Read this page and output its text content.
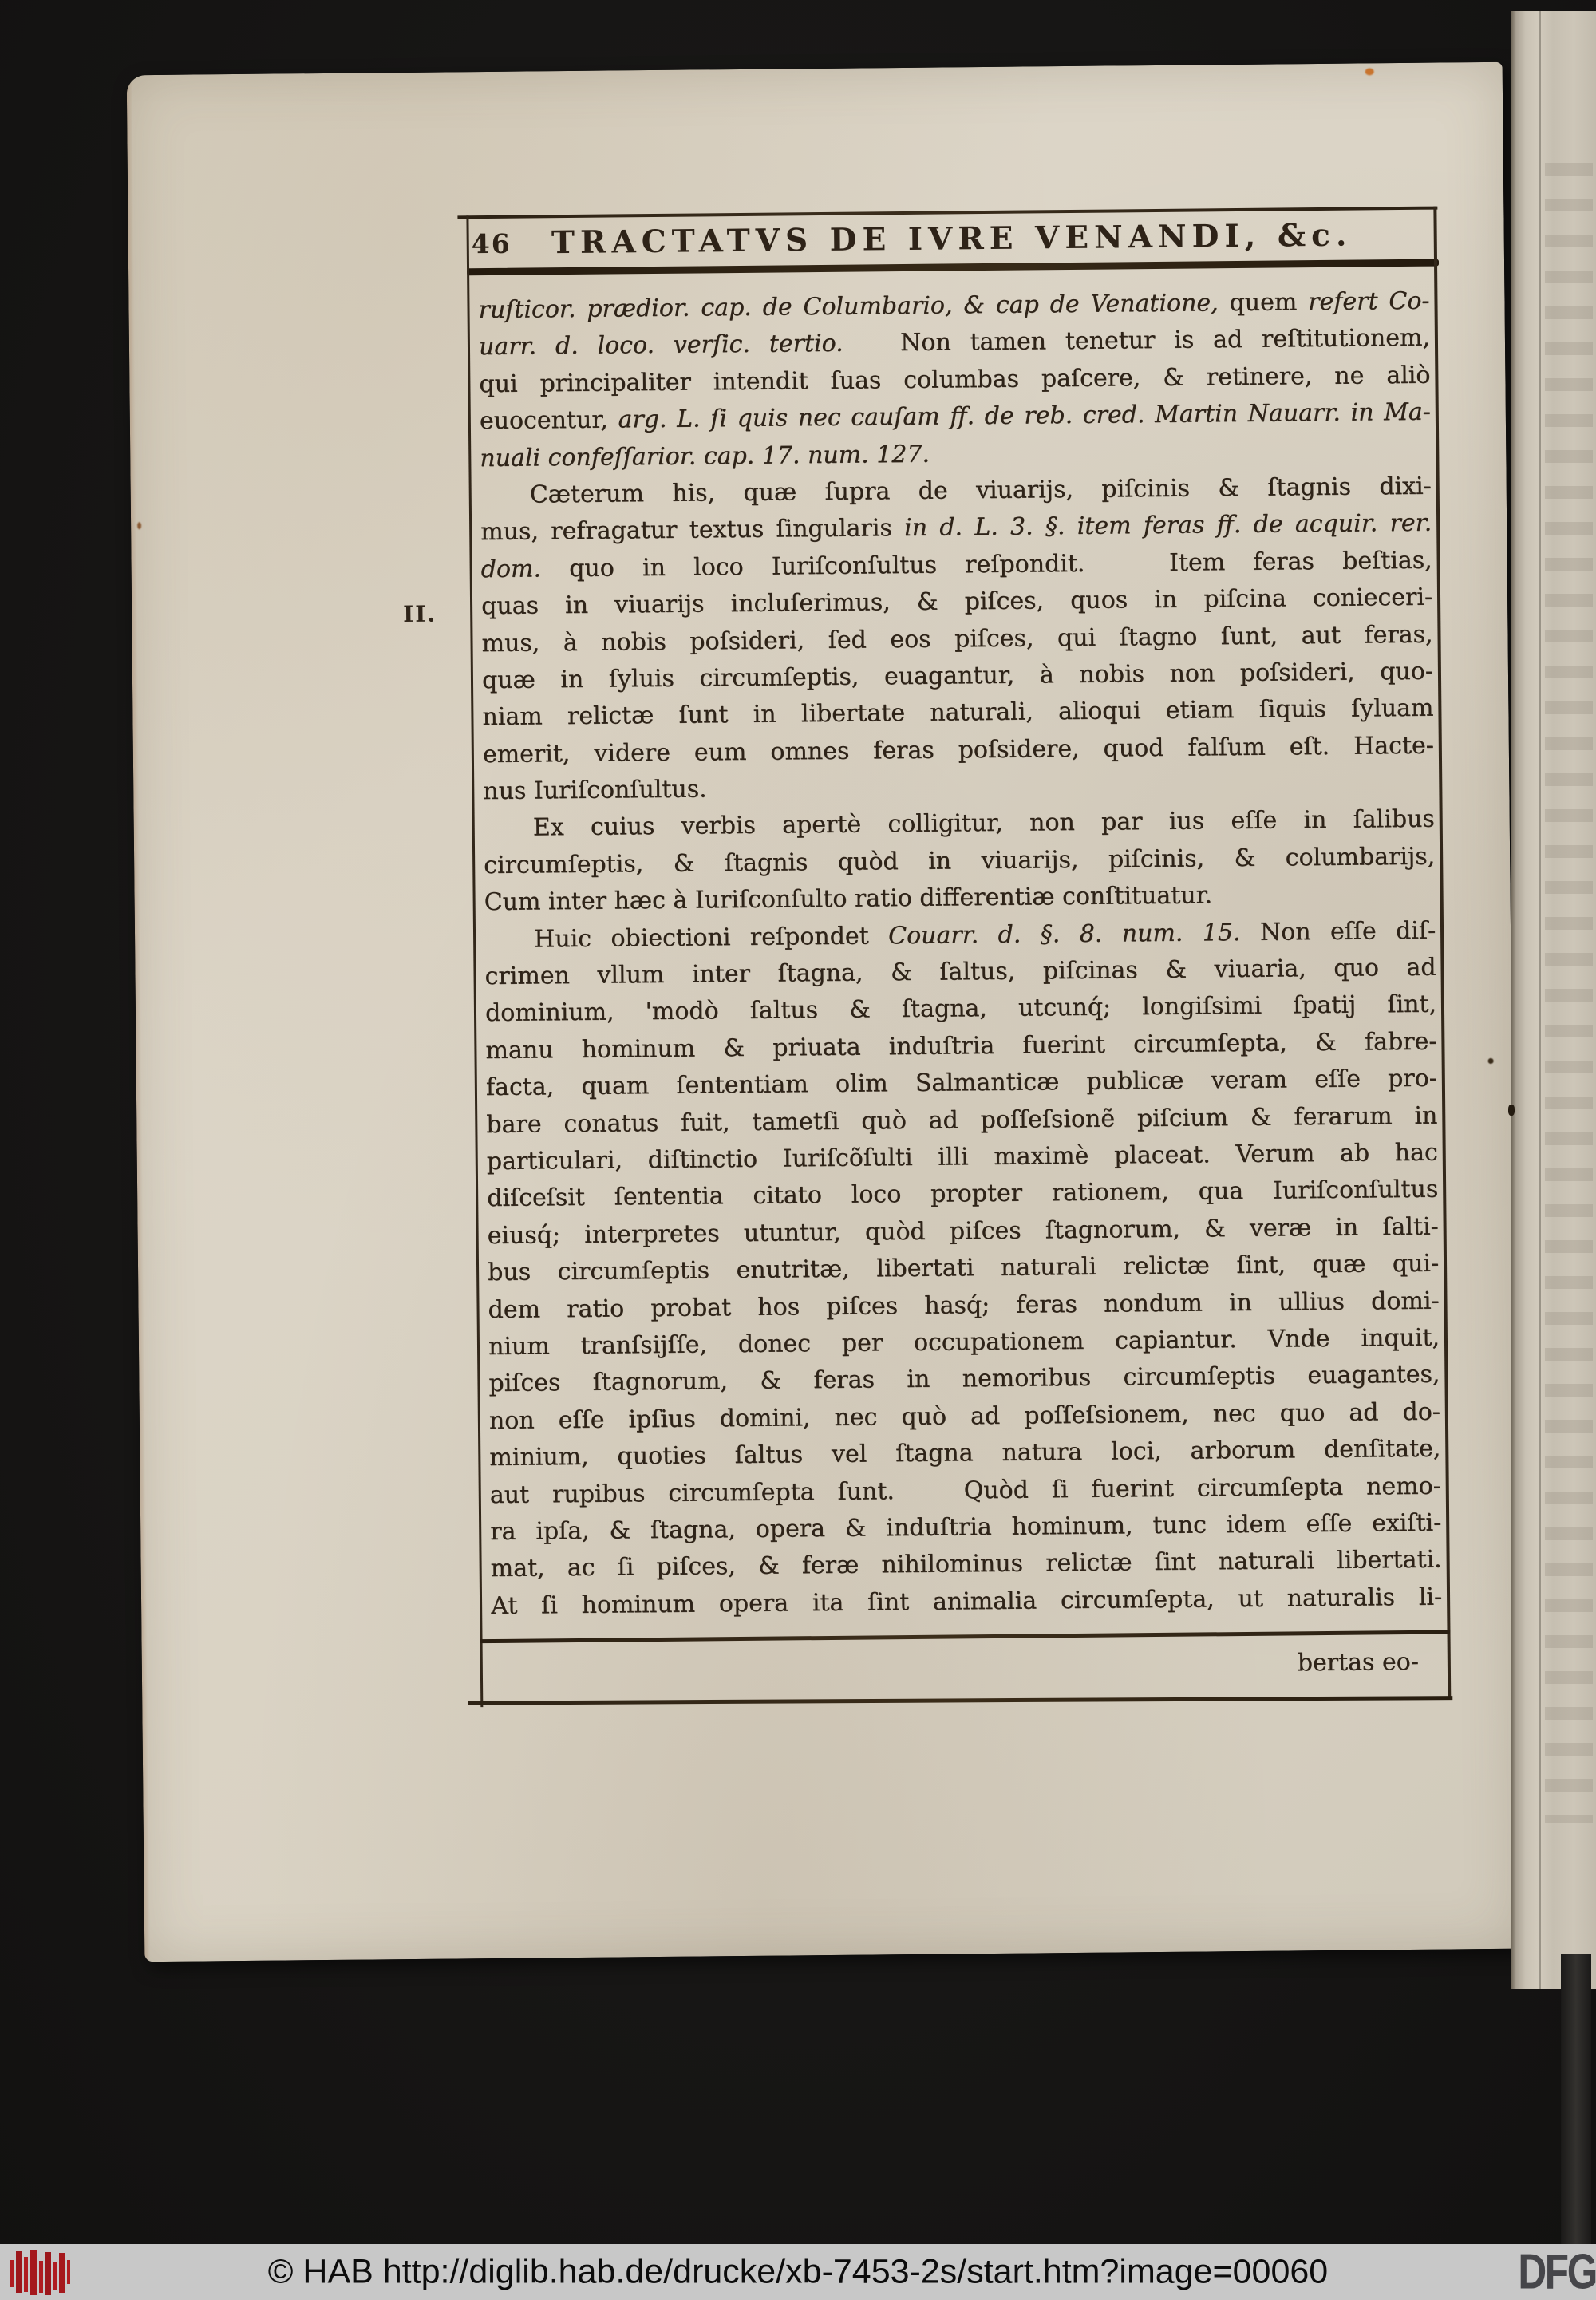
46	TRACTATVS DE IVRE VENANDI, &c.
II.
ruſticor. prædior. cap. de Columbario, & cap de Venatione, quem refert Co-
uarr. d. loco. verſic. tertio.   Non tamen tenetur is ad reſtitutionem,
qui principaliter intendit ſuas columbas paſcere, & retinere, ne aliò
euocentur, arg. L. ſi quis nec cauſam ff. de reb. cred. Martin Nauarr. in Ma-
nuali confeſſarior. cap. 17. num. 127.
Cæterum his, quæ ſupra de viuarijs, piſcinis & ſtagnis dixi-
mus, refragatur textus ſingularis in d. L. 3. §. item feras ff. de acquir. rer.
dom. quo in loco Iuriſconſultus reſpondit.   Item feras beſtias,
quas in viuarijs incluſerimus, & piſces, quos in piſcina conieceri-
mus, à nobis poſsideri, ſed eos piſces, qui ſtagno ſunt, aut feras,
quæ in ſyluis circumſeptis, euagantur, à nobis non poſsideri, quo-
niam relictæ ſunt in libertate naturali, alioqui etiam ſiquis ſyluam
emerit, videre eum omnes feras poſsidere, quod falſum eſt. Hacte-
nus Iuriſconſultus.
Ex cuius verbis apertè colligitur, non par ius eſſe in ſalibus
circumſeptis, & ſtagnis quòd in viuarijs, piſcinis, & columbarijs,
Cum inter hæc à Iuriſconſulto ratio differentiæ conſtituatur.
Huic obiectioni reſpondet Couarr. d. §. 8. num. 15. Non eſſe diſ-
crimen vllum inter ſtagna, & ſaltus, piſcinas & viuaria, quo ad
dominium, 'modò ſaltus & ſtagna, utcunq́; longiſsimi ſpatij ſint,
manu hominum & priuata induſtria fuerint circumſepta, & fabre-
facta, quam ſententiam olim Salmanticæ publicæ veram eſſe pro-
bare conatus fuit, tametſi quò ad poſſeſsionẽ piſcium & ferarum in
particulari, diſtinctio Iuriſcõſulti illi maximè placeat. Verum ab hac
diſceſsit ſententia citato loco propter rationem, qua Iuriſconſultus
eiusq́; interpretes utuntur, quòd piſces ſtagnorum, & veræ in ſalti-
bus circumſeptis enutritæ, libertati naturali relictæ ſint, quæ qui-
dem ratio probat hos piſces hasq́; feras nondum in ullius domi-
nium tranſsijſſe, donec per occupationem capiantur. Vnde inquit,
piſces ſtagnorum, & feras in nemoribus circumſeptis euagantes,
non eſſe ipſius domini, nec quò ad poſſeſsionem, nec quo ad do-
minium, quoties ſaltus vel ſtagna natura loci, arborum denſitate,
aut rupibus circumſepta ſunt.   Quòd ſi fuerint circumſepta nemo-
ra ipſa, & ſtagna, opera & induſtria hominum, tunc idem eſſe exiſti-
mat, ac ſi piſces, & feræ nihilominus relictæ ſint naturali libertati.
At ſi hominum opera ita ſint animalia circumſepta, ut naturalis li-
bertas eo-
© HAB http://diglib.hab.de/drucke/xb-7453-2s/start.htm?image=00060	DFG
